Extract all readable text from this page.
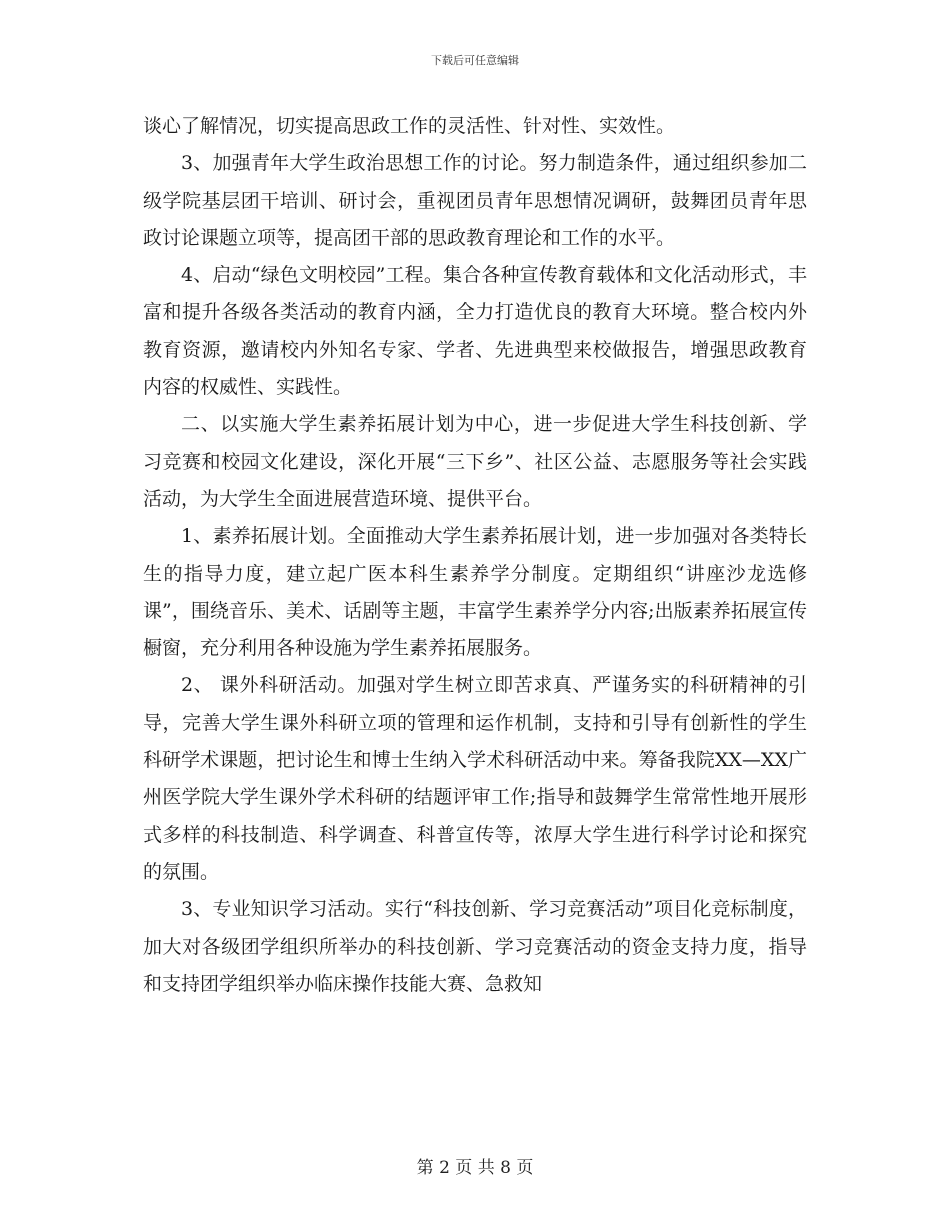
下载后可任意编辑

谈心了解情况，切实提高思政工作的灵活性、针对性、实效性。

3、加强青年大学生政治思想工作的讨论。努力制造条件，通过组织参加二级学院基层团干培训、研讨会，重视团员青年思想情况调研，鼓舞团员青年思政讨论课题立项等，提高团干部的思政教育理论和工作的水平。

4、启动“绿色文明校园”工程。集合各种宣传教育载体和文化活动形式，丰富和提升各级各类活动的教育内涵，全力打造优良的教育大环境。整合校内外教育资源，邀请校内外知名专家、学者、先进典型来校做报告，增强思政教育内容的权威性、实践性。

二、以实施大学生素养拓展计划为中心，进一步促进大学生科技创新、学习竞赛和校园文化建设，深化开展“三下乡”、社区公益、志愿服务等社会实践活动，为大学生全面进展营造环境、提供平台。

1、素养拓展计划。全面推动大学生素养拓展计划，进一步加强对各类特长生的指导力度，建立起广医本科生素养学分制度。定期组织“讲座沙龙选修课”，围绕音乐、美术、话剧等主题，丰富学生素养学分内容;出版素养拓展宣传橱窗，充分利用各种设施为学生素养拓展服务。

2、 课外科研活动。加强对学生树立即苦求真、严谨务实的科研精神的引导，完善大学生课外科研立项的管理和运作机制，支持和引导有创新性的学生科研学术课题，把讨论生和博士生纳入学术科研活动中来。筹备我院XX—XX广州医学院大学生课外学术科研的结题评审工作;指导和鼓舞学生常常性地开展形式多样的科技制造、科学调查、科普宣传等，浓厚大学生进行科学讨论和探究的氛围。

3、专业知识学习活动。实行“科技创新、学习竞赛活动”项目化竞标制度，加大对各级团学组织所举办的科技创新、学习竞赛活动的资金支持力度，指导和支持团学组织举办临床操作技能大赛、急救知

第 2 页 共 8 页
